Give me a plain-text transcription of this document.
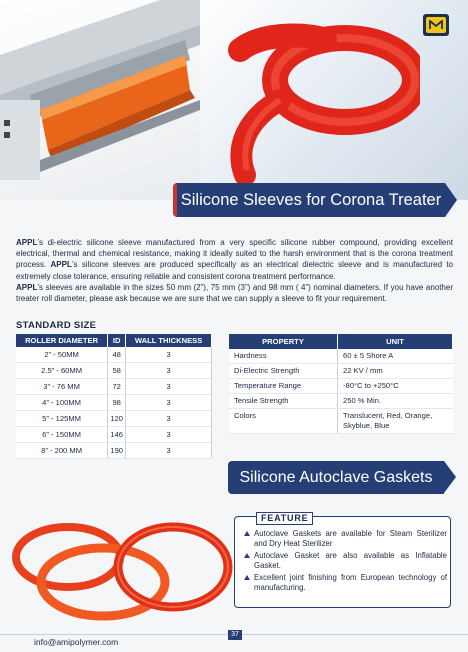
Silicone Sleeves for Corona Treater

APPL’s di-electric silicone sleeve manufactured from a very specific silicone rubber compound, providing excellent electrical, thermal and chemical resistance, making it ideally suited to the harsh environment that is the corona treatment process. APPL’s silicone sleeves are produced specifically as an electrical dielectric sleeve and is manufactured to extremely close tolerance, ensuring reliable and consistent corona treatment performance.

APPL’s sleeves are available in the sizes 50 mm (2”), 75 mm (3”) and 98 mm ( 4”) nominal diameters. If you have another treater roll diameter, please ask because we are sure that we can supply a sleeve to fit your requirement.

STANDARD SIZE
ROLLER DIAMETER	ID	WALL THICKNESS
2” - 50MM	48	3
2.5” - 60MM	58	3
3” - 76 MM	72	3
4” - 100MM	98	3
5” - 125MM	120	3
6” - 150MM	146	3
8” - 200 MM	190	3
PROPERTY	UNIT
Hardness	60 ± 5 Shore A
Di-Electric Strength	22 KV / mm
Temperature Range	-80°C to +250°C
Tensile Strength	250 % Min.
Colors	Translucent, Red, Orange, Skyblue, Blue
Silicone Autoclave Gaskets
FEATURE
Autoclave Gaskets are available for Steam Sterilizer and Dry Heat Sterilizer
Autoclave Gasket are also available as Inflatable Gasket.
Excellent joint finishing from European technology of manufacturing.
info@amipolymer.com
37
